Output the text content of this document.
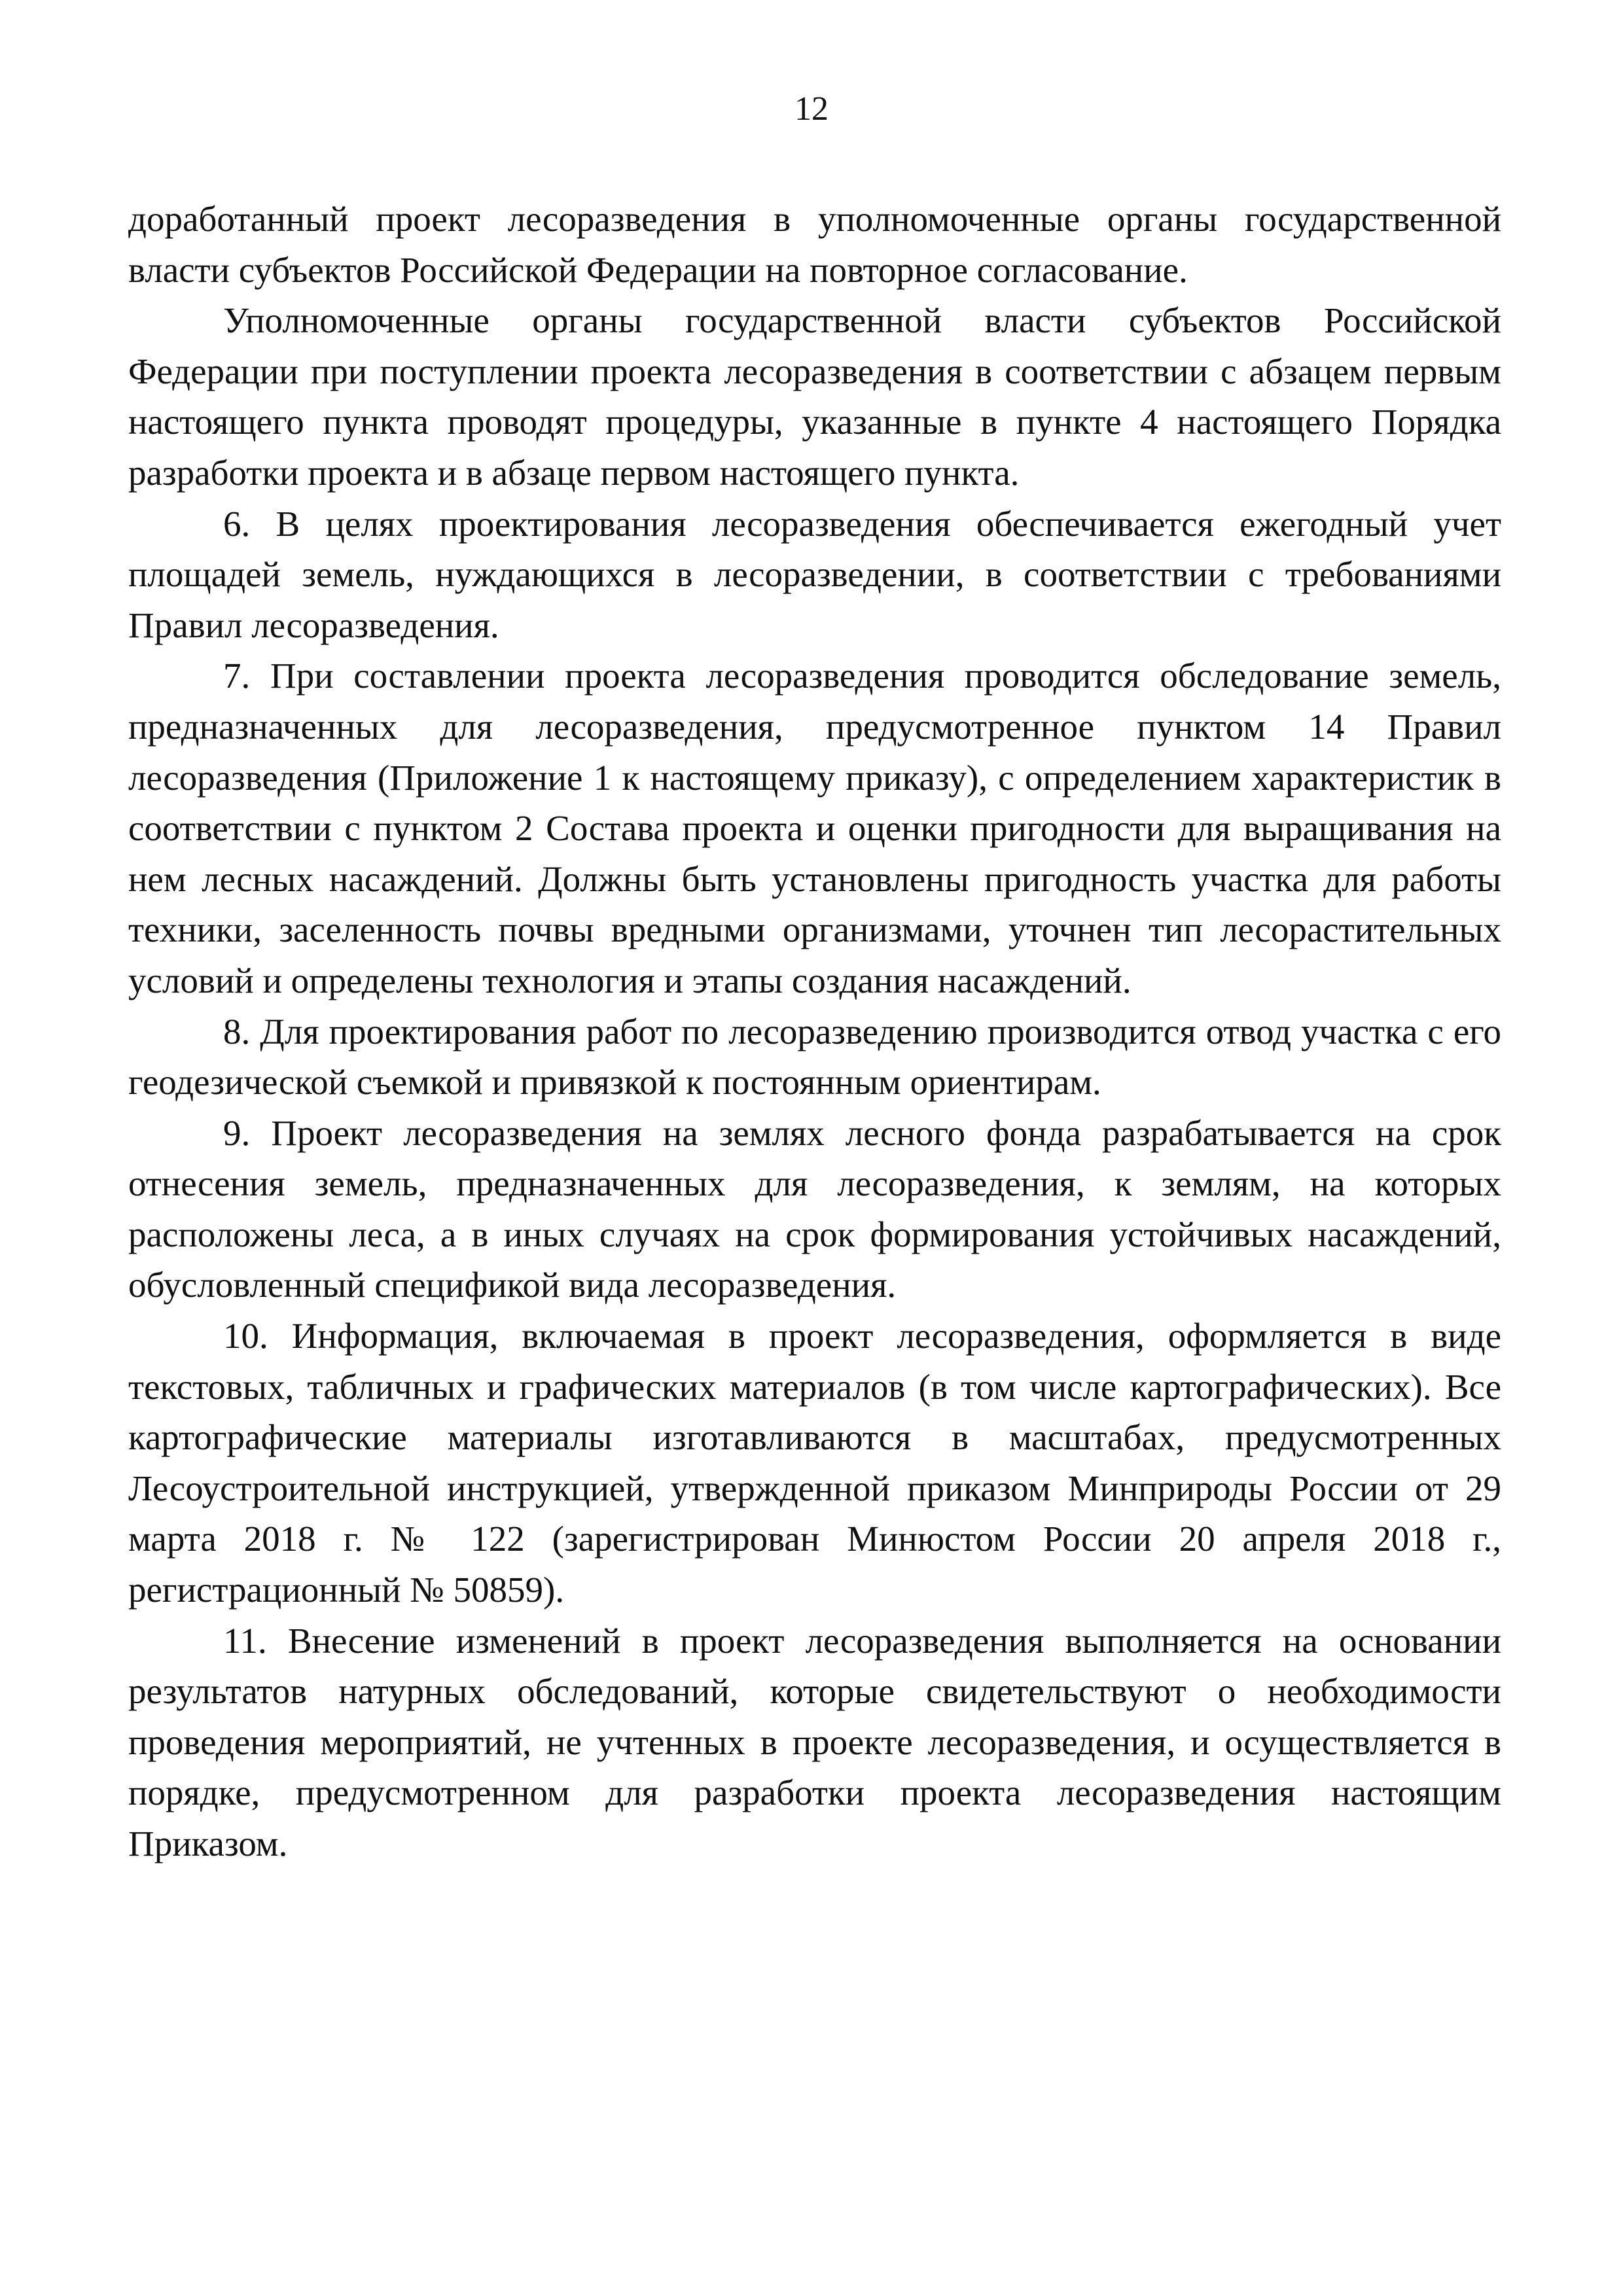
12

доработанный проект лесоразведения в уполномоченные органы государственной власти субъектов Российской Федерации на повторное согласование.

Уполномоченные органы государственной власти субъектов Российской Федерации при поступлении проекта лесоразведения в соответствии с абзацем первым настоящего пункта проводят процедуры, указанные в пункте 4 настоящего Порядка разработки проекта и в абзаце первом настоящего пункта.

6. В целях проектирования лесоразведения обеспечивается ежегодный учет площадей земель, нуждающихся в лесоразведении, в соответствии с требованиями Правил лесоразведения.

7. При составлении проекта лесоразведения проводится обследование земель, предназначенных для лесоразведения, предусмотренное пунктом 14 Правил лесоразведения (Приложение 1 к настоящему приказу), с определением характеристик в соответствии с пунктом 2 Состава проекта и оценки пригодности для выращивания на нем лесных насаждений. Должны быть установлены пригодность участка для работы техники, заселенность почвы вредными организмами, уточнен тип лесорастительных условий и определены технология и этапы создания насаждений.

8. Для проектирования работ по лесоразведению производится отвод участка с его геодезической съемкой и привязкой к постоянным ориентирам.

9. Проект лесоразведения на землях лесного фонда разрабатывается на срок отнесения земель, предназначенных для лесоразведения, к землям, на которых расположены леса, а в иных случаях на срок формирования устойчивых насаждений, обусловленный спецификой вида лесоразведения.

10. Информация, включаемая в проект лесоразведения, оформляется в виде текстовых, табличных и графических материалов (в том числе картографических). Все картографические материалы изготавливаются в масштабах, предусмотренных Лесоустроительной инструкцией, утвержденной приказом Минприроды России от 29 марта 2018 г. № 122 (зарегистрирован Минюстом России 20 апреля 2018 г., регистрационный № 50859).

11. Внесение изменений в проект лесоразведения выполняется на основании результатов натурных обследований, которые свидетельствуют о необходимости проведения мероприятий, не учтенных в проекте лесоразведения, и осуществляется в порядке, предусмотренном для разработки проекта лесоразведения настоящим Приказом.
